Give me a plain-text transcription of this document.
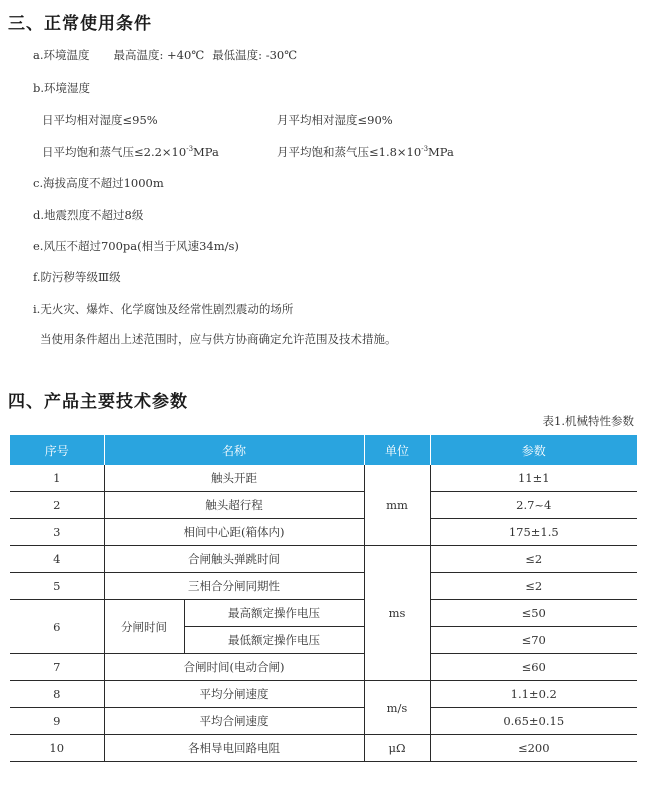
三、正常使用条件
a.环境温度 最高温度: +40℃ 最低温度: -30℃
b.环境湿度
日平均相对湿度≤95%	月平均相对湿度≤90%
日平均饱和蒸气压$\le 2.2\times 10^{-3}MPa$	月平均饱和蒸气压$\le 1.8\times 10^{-3}MPa$
c.海拔高度不超过1000m
d.地震烈度不超过8级
e.风压不超过700pa(相当于风速34m/s)
f.防污秽等级Ⅲ级
i.无火灾、爆炸、化学腐蚀及经常性剧烈震动的场所
当使用条件超出上述范围时，应与供方协商确定允许范围及技术措施。
四、产品主要技术参数
表1.机械特性参数
序号	名称		单位	参数
1	触头开距		mm	11±1
2	触头超行程			2.7~4
3	相间中心距(箱体内)			175±1.5
4	合闸触头弹跳时间		ms	≤2
5	三相合分闸同期性			≤2
6	分闸时间	最高额定操作电压		≤50
		最低额定操作电压		≤70
7	合闸时间(电动合闸)			≤60
8	平均分闸速度		m/s	1.1±0.2
9	平均合闸速度			0.65±0.15
10	各相导电回路电阻		μΩ	≤200
